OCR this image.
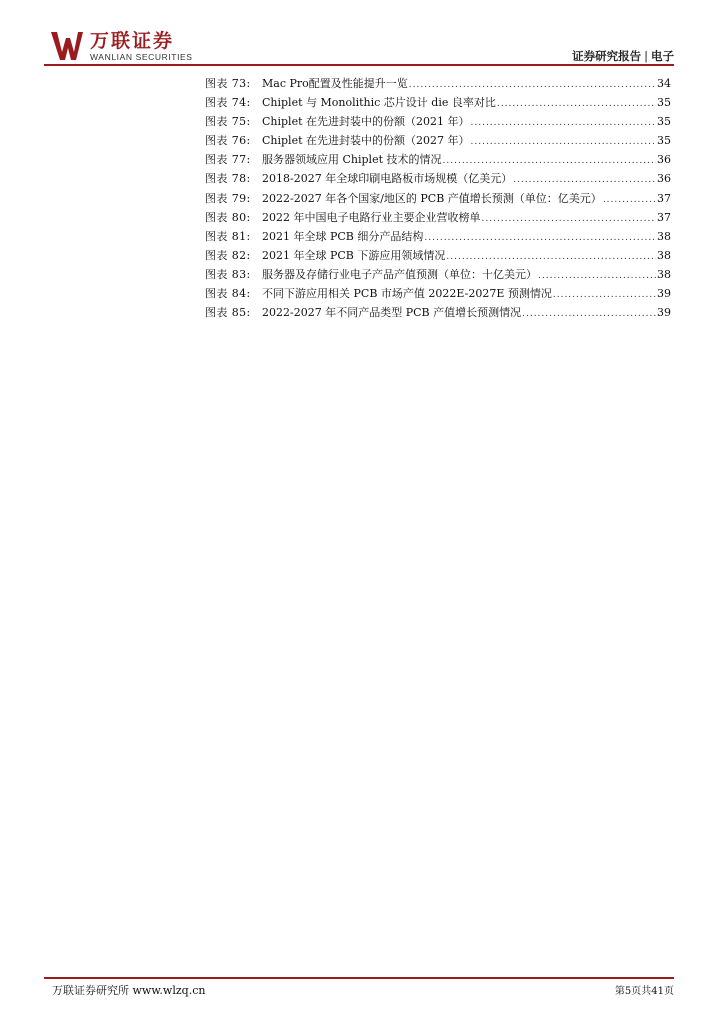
万联证券
WANLIAN SECURITIES	证券研究报告 | 电子
图表 73:	Mac Pro配置及性能提升一览 .....	34
图表 74:	Chiplet 与 Monolithic 芯片设计 die 良率对比 .....	35
图表 75:	Chiplet 在先进封装中的份额（2021 年） .....	35
图表 76:	Chiplet 在先进封装中的份额（2027 年） .....	35
图表 77:	服务器领域应用 Chiplet 技术的情况 .....	36
图表 78:	2018-2027 年全球印刷电路板市场规模（亿美元） .....	36
图表 79:	2022-2027 年各个国家/地区的 PCB 产值增长预测（单位：亿美元） .....	37
图表 80:	2022 年中国电子电路行业主要企业营收榜单 .....	37
图表 81:	2021 年全球 PCB 细分产品结构 .....	38
图表 82:	2021 年全球 PCB 下游应用领域情况 .....	38
图表 83:	服务器及存储行业电子产品产值预测（单位：十亿美元） .....	38
图表 84:	不同下游应用相关 PCB 市场产值 2022E-2027E 预测情况 .....	39
图表 85:	2022-2027 年不同产品类型 PCB 产值增长预测情况 .....	39
万联证券研究所 www.wlzq.cn	第5页共41页
